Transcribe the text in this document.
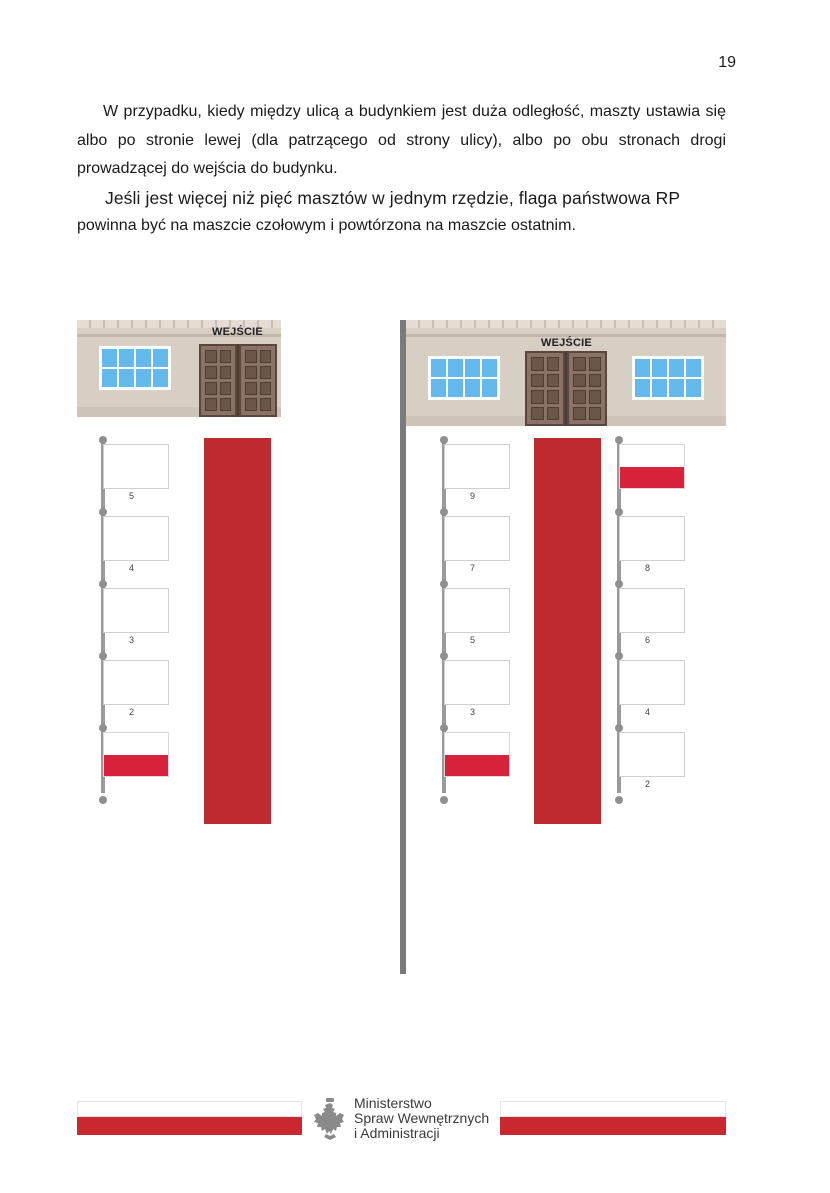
19

W przypadku, kiedy między ulicą a budynkiem jest duża odległość, maszty ustawia się albo po stronie lewej (dla patrzącego od strony ulicy), albo po obu stronach drogi prowadzącej do wejścia do budynku.

Jeśli jest więcej niż pięć masztów w jednym rzędzie, flaga państwowa RP
powinna być na maszcie czołowym i powtórzona na maszcie ostatnim.

WEJŚCIE
5
4
3
2
WEJŚCIE
9
7
5
3
8
6
4
2
Ministerstwo
Spraw Wewnętrznych
i Administracji
